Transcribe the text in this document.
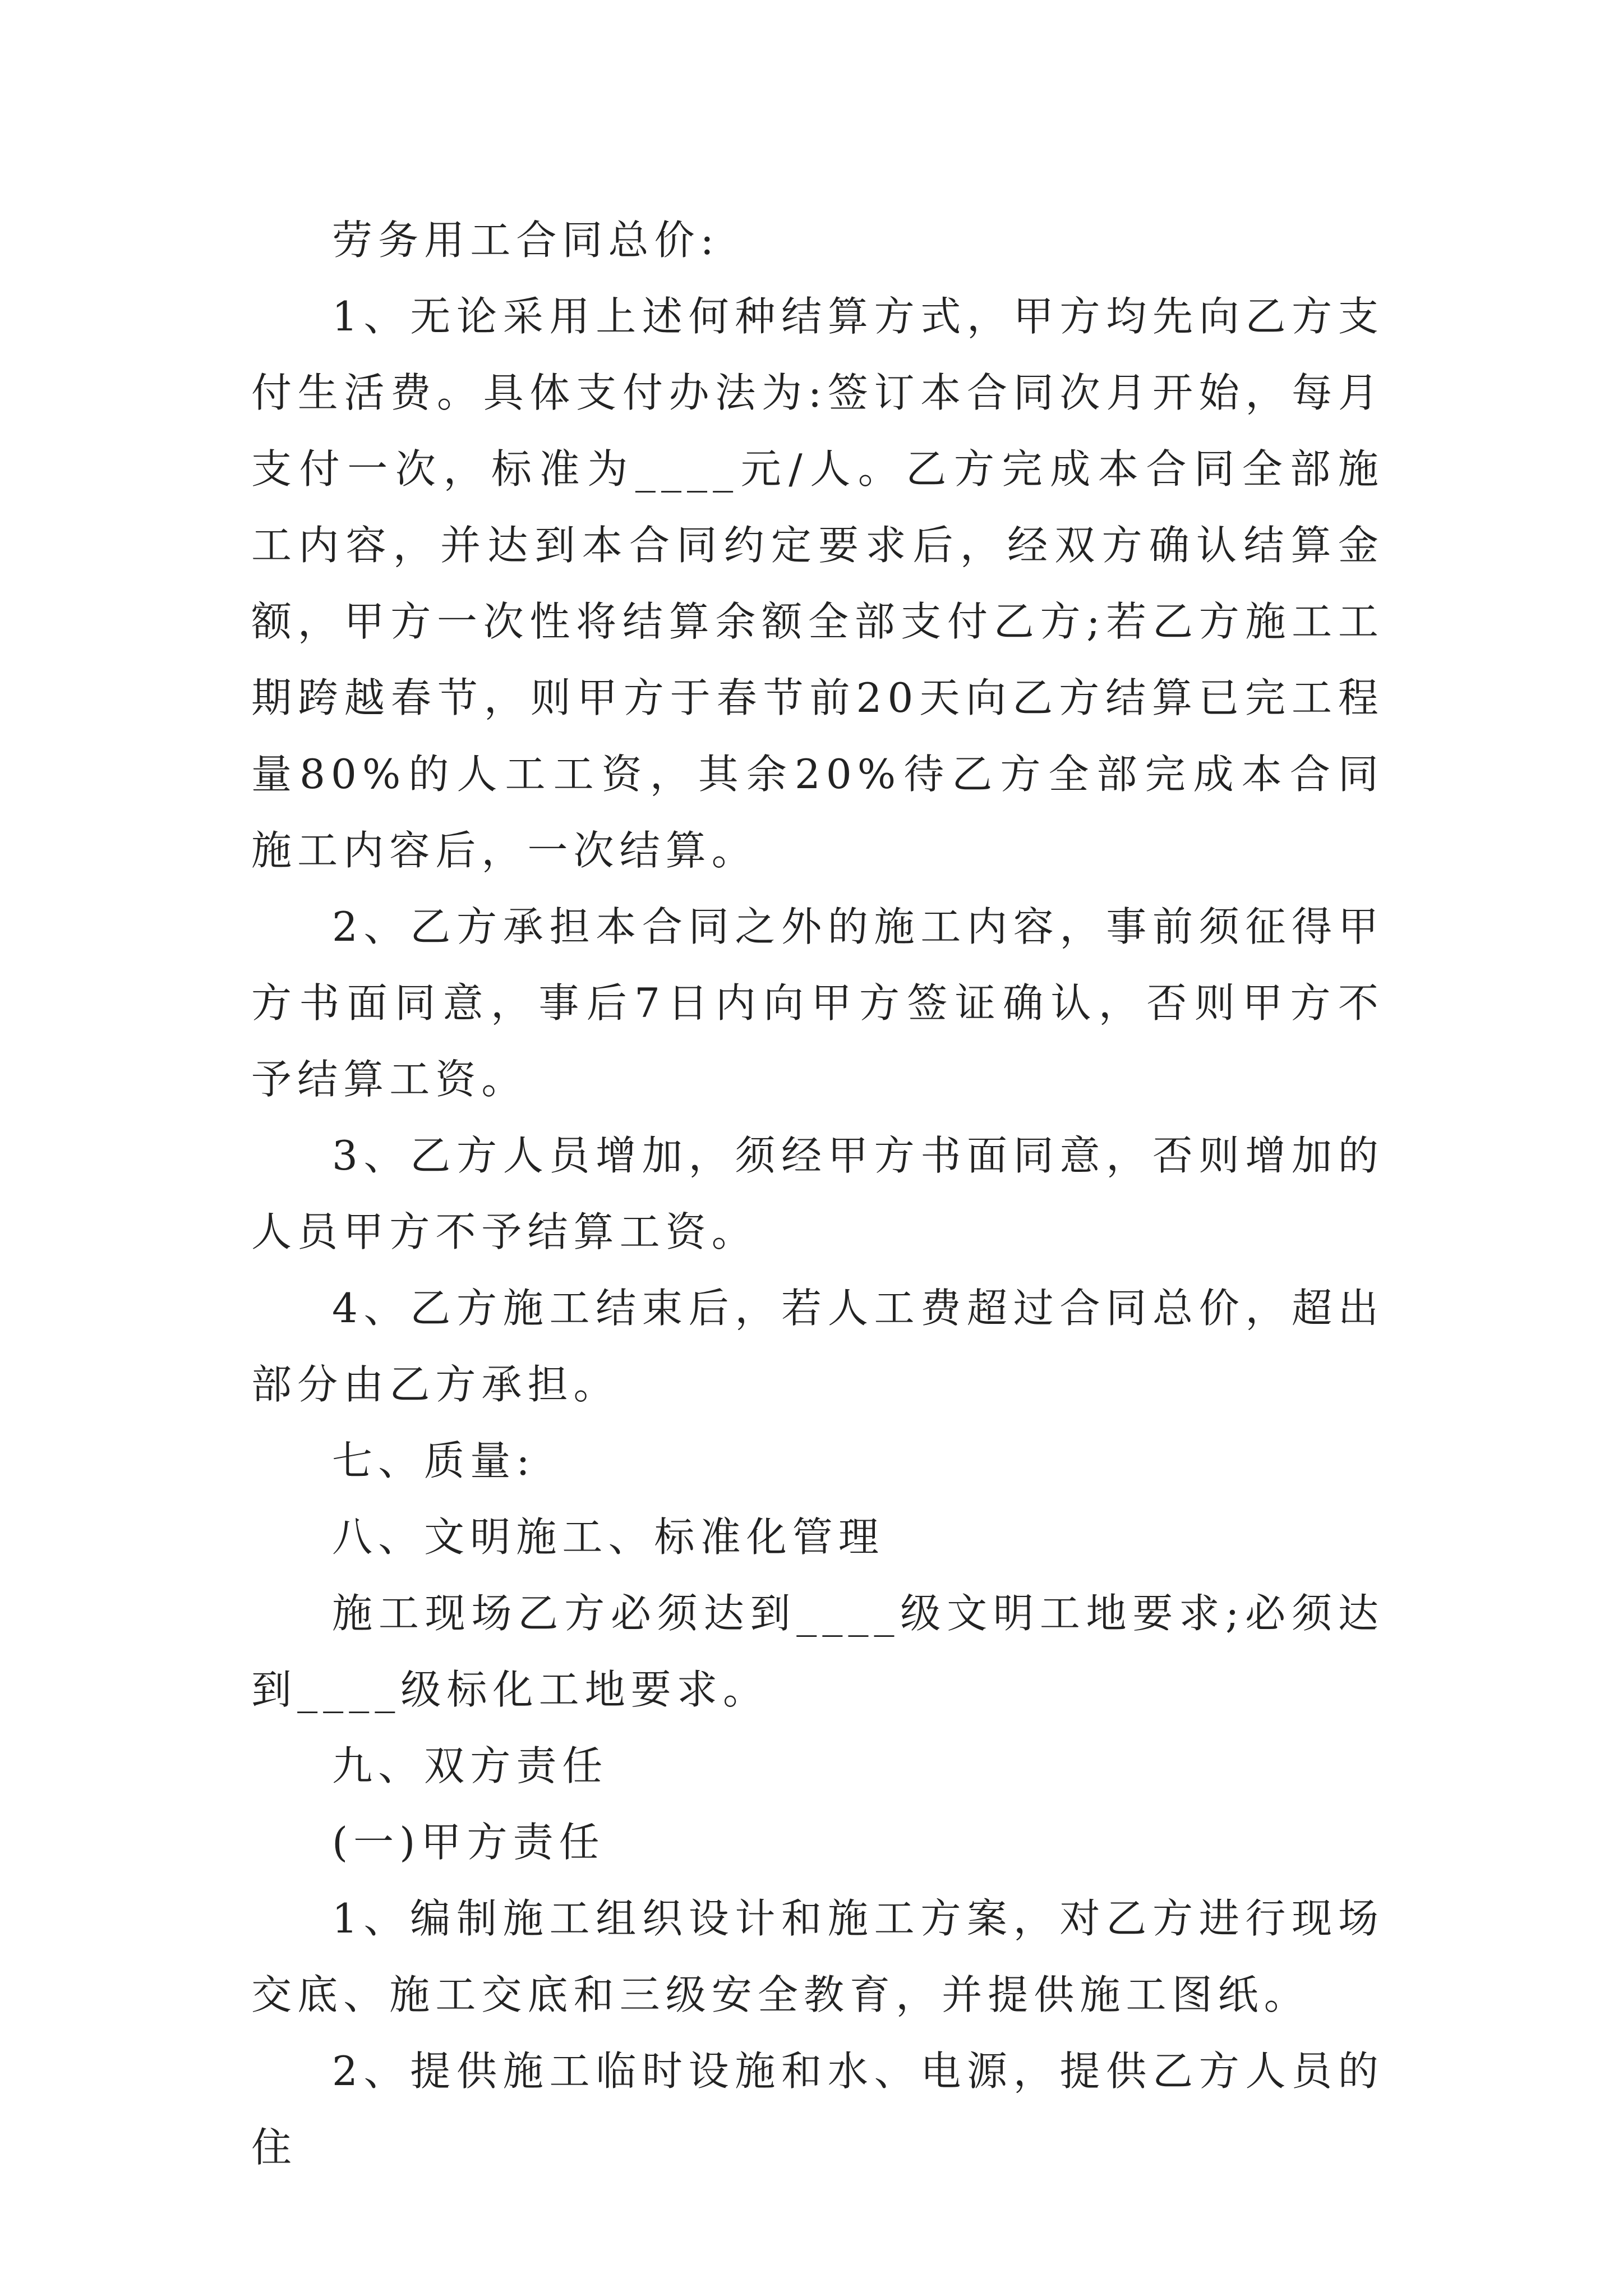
劳务用工合同总价:

1、无论采用上述何种结算方式，甲方均先向乙方支付生活费。具体支付办法为:签订本合同次月开始，每月支付一次，标准为____元/人。乙方完成本合同全部施工内容，并达到本合同约定要求后，经双方确认结算金额，甲方一次性将结算余额全部支付乙方;若乙方施工工期跨越春节，则甲方于春节前20天向乙方结算已完工程量80%的人工工资，其余20%待乙方全部完成本合同施工内容后，一次结算。

2、乙方承担本合同之外的施工内容，事前须征得甲方书面同意，事后7日内向甲方签证确认，否则甲方不予结算工资。

3、乙方人员增加，须经甲方书面同意，否则增加的人员甲方不予结算工资。

4、乙方施工结束后，若人工费超过合同总价，超出部分由乙方承担。

七、质量:

八、文明施工、标准化管理

施工现场乙方必须达到____级文明工地要求;必须达到____级标化工地要求。

九、双方责任

(一)甲方责任

1、编制施工组织设计和施工方案，对乙方进行现场交底、施工交底和三级安全教育，并提供施工图纸。

2、提供施工临时设施和水、电源，提供乙方人员的住
